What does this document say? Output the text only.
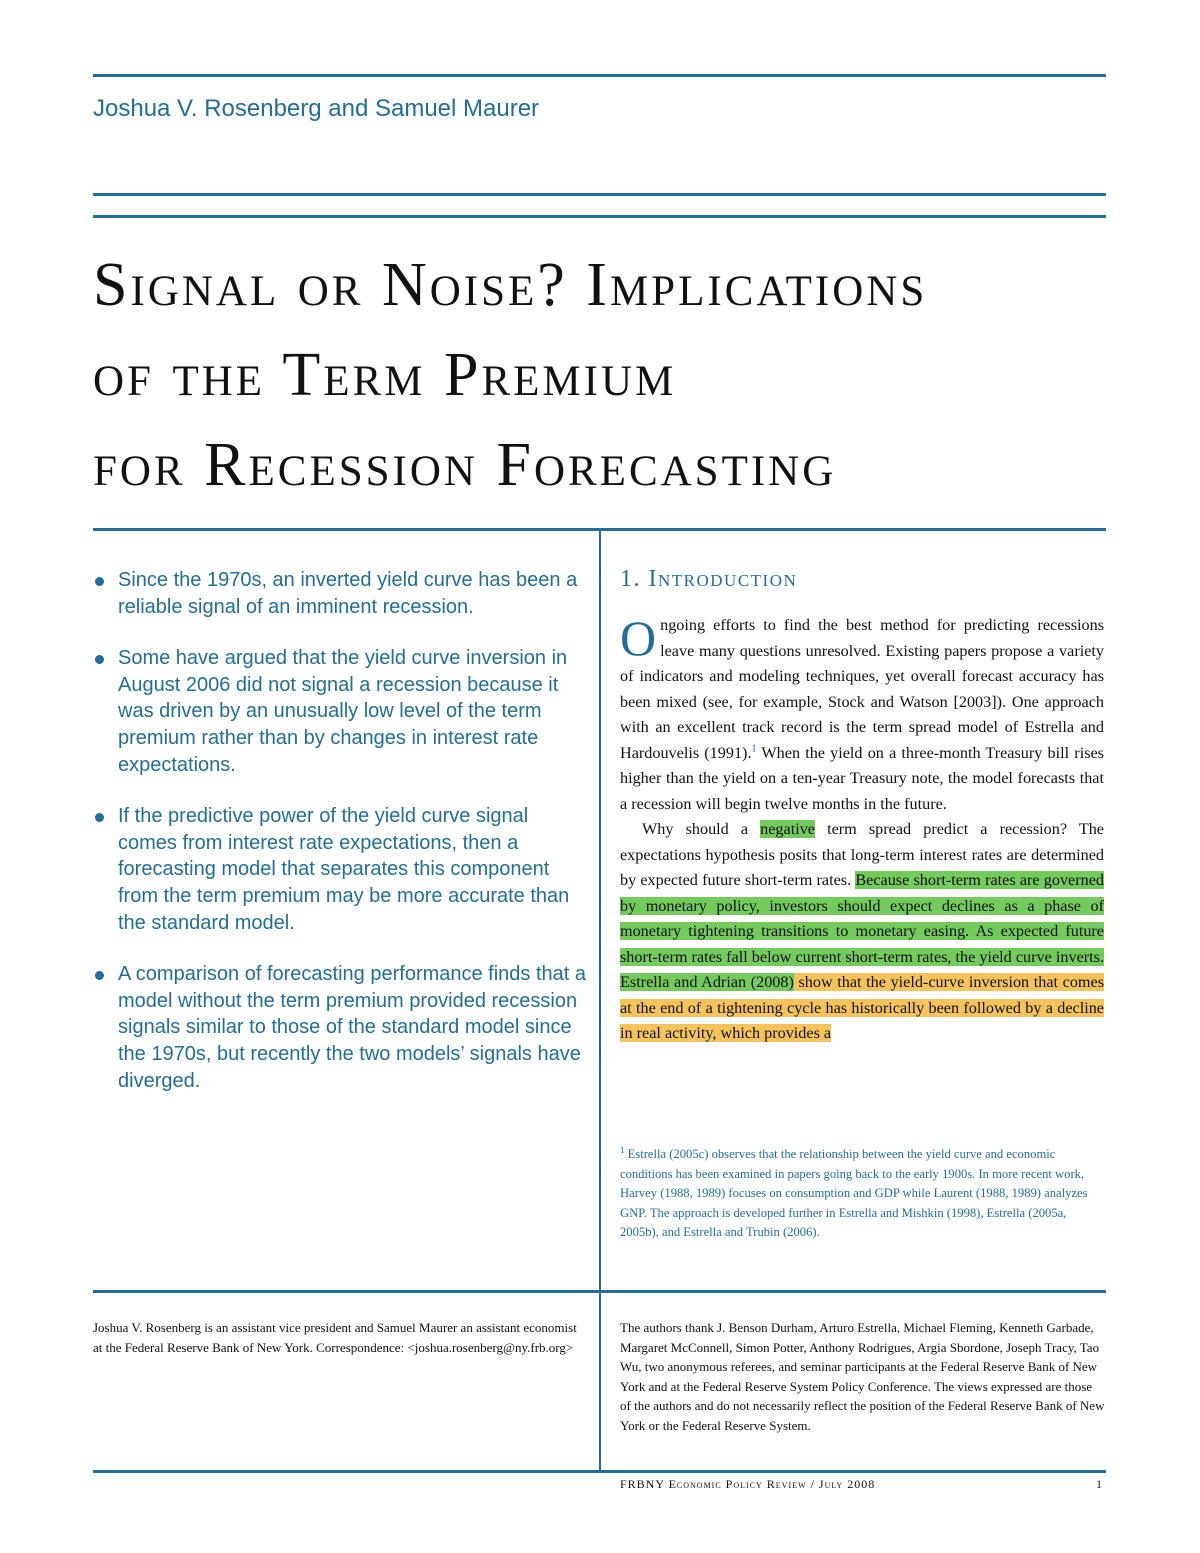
Joshua V. Rosenberg and Samuel Maurer
Signal or Noise? Implications
of the Term Premium
for Recession Forecasting
Since the 1970s, an inverted yield curve has been a reliable signal of an imminent recession.
Some have argued that the yield curve inversion in August 2006 did not signal a recession because it was driven by an unusually low level of the term premium rather than by changes in interest rate expectations.
If the predictive power of the yield curve signal comes from interest rate expectations, then a forecasting model that separates this component from the term premium may be more accurate than the standard model.
A comparison of forecasting performance finds that a model without the term premium provided recession signals similar to those of the standard model since the 1970s, but recently the two models’ signals have diverged.
1. Introduction

Ongoing efforts to find the best method for predicting recessions leave many questions unresolved. Existing papers propose a variety of indicators and modeling techniques, yet overall forecast accuracy has been mixed (see, for example, Stock and Watson [2003]). One approach with an excellent track record is the term spread model of Estrella and Hardouvelis (1991).$^1$ When the yield on a three-month Treasury bill rises higher than the yield on a ten-year Treasury note, the model forecasts that a recession will begin twelve months in the future.

Why should a negative term spread predict a recession? The expectations hypothesis posits that long-term interest rates are determined by expected future short-term rates. Because short-term rates are governed by monetary policy, investors should expect declines as a phase of monetary tightening transitions to monetary easing. As expected future short-term rates fall below current short-term rates, the yield curve inverts. Estrella and Adrian (2008) show that the yield-curve inversion that comes at the end of a tightening cycle has historically been followed by a decline in real activity, which provides a

$^1$ Estrella (2005c) observes that the relationship between the yield curve and economic conditions has been examined in papers going back to the early 1900s. In more recent work, Harvey (1988, 1989) focuses on consumption and GDP while Laurent (1988, 1989) analyzes GNP. The approach is developed further in Estrella and Mishkin (1998), Estrella (2005a, 2005b), and Estrella and Trubin (2006).

Joshua V. Rosenberg is an assistant vice president and Samuel Maurer an assistant economist at the Federal Reserve Bank of New York. Correspondence: <joshua.rosenberg@ny.frb.org>

The authors thank J. Benson Durham, Arturo Estrella, Michael Fleming, Kenneth Garbade, Margaret McConnell, Simon Potter, Anthony Rodrigues, Argia Sbordone, Joseph Tracy, Tao Wu, two anonymous referees, and seminar participants at the Federal Reserve Bank of New York and at the Federal Reserve System Policy Conference. The views expressed are those of the authors and do not necessarily reflect the position of the Federal Reserve Bank of New York or the Federal Reserve System.

FRBNY Economic Policy Review / July 2008	1
